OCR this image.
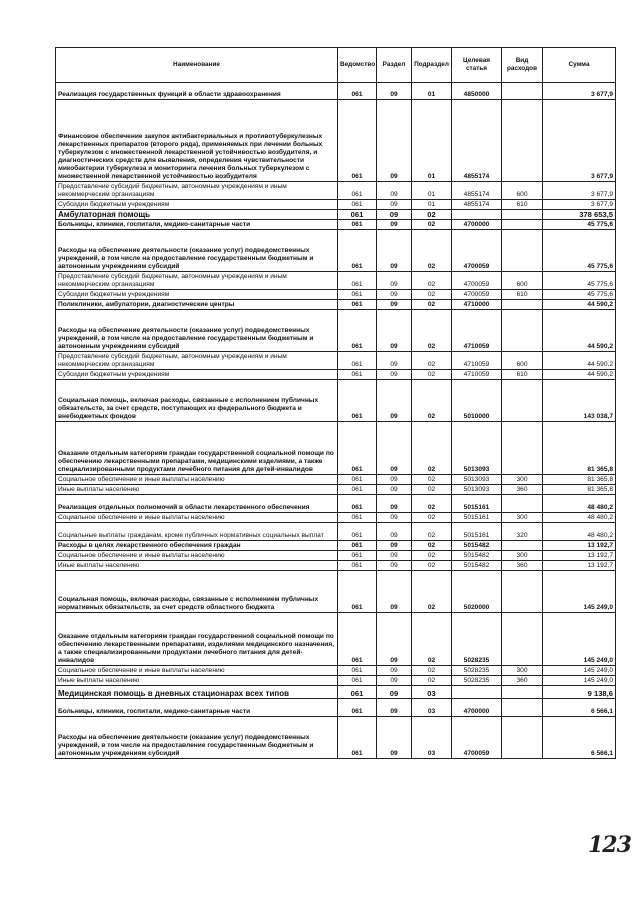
Наименование	Ведомство	Раздел	Подраздел	Целевая статья	Вид расходов	Сумма
Реализация государственных функций в области здравоохранения	061	09	01	4850000		3 677,9
Финансовое обеспечение закупок антибактериальных и противотуберкулезных лекарственных препаратов (второго ряда), применяемых при лечении больных туберкулезом с множественной лекарственной устойчивостью возбудителя, и диагностических средств для выявления, определения чувствительности микобактерии туберкулеза и мониторинга лечения больных туберкулезом с множественной лекарственной устойчивостью возбудителя	061	09	01	4855174		3 677,9
Предоставление субсидий бюджетным, автономным учреждениям и иным некоммерческим организациям	061	09	01	4855174	600	3 677,9
Субсидии бюджетным учреждениям	061	09	01	4855174	610	3 677,9
Амбулаторная помощь	061	09	02			378 653,5
Больницы, клиники, госпитали, медико-санитарные части	061	09	02	4700000		45 775,6
Расходы на обеспечение деятельности (оказание услуг) подведомственных учреждений, в том числе на предоставление государственным бюджетным и автономным учреждениям субсидий	061	09	02	4700059		45 775,6
Предоставление субсидий бюджетным, автономным учреждениям и иным некоммерческим организациям	061	09	02	4700059	600	45 775,6
Субсидии бюджетным учреждениям	061	09	02	4700059	610	45 775,6
Поликлиники, амбулатории, диагностические центры	061	09	02	4710000		44 590,2
Расходы на обеспечение деятельности (оказание услуг) подведомственных учреждений, в том числе на предоставление государственным бюджетным и автономным учреждениям субсидий	061	09	02	4710059		44 590,2
Предоставление субсидий бюджетным, автономным учреждениям и иным некоммерческим организациям	061	09	02	4710059	600	44 590,2
Субсидии бюджетным учреждениям	061	09	02	4710059	610	44 590,2
Социальная помощь, включая расходы, связанные с исполнением публичных обязательств, за счет средств, поступающих из федерального бюджета и внебюджетных фондов	061	09	02	5010000		143 038,7
Оказание отдельным категориям граждан государственной социальной помощи по обеспечению лекарственными препаратами, медицинскими изделиями, а также специализированными продуктами лечебного питания для детей-инвалидов	061	09	02	5013093		81 365,8
Социальное обеспечение и иные выплаты населению	061	09	02	5013093	300	81 365,8
Иные выплаты населению	061	09	02	5013093	360	81 365,8
Реализация отдельных полномочий в области лекарственного обеспечения	061	09	02	5015161		48 480,2
Социальное обеспечение и иные выплаты населению	061	09	02	5015161	300	48 480,2
Социальные выплаты гражданам, кроме публичных нормативных социальных выплат	061	09	02	5015161	320	48 480,2
Расходы в целях лекарственного обеспечения граждан	061	09	02	5015482		13 192,7
Социальное обеспечение и иные выплаты населению	061	09	02	5015482	300	13 192,7
Иные выплаты населению	061	09	02	5015482	360	13 192,7
Социальная помощь, включая расходы, связанные с исполнением публичных нормативных обязательств, за счет средств областного бюджета	061	09	02	5020000		145 249,0
Оказание отдельным категориям граждан государственной социальной помощи по обеспечению лекарственными препаратами, изделиями медицинского назначения, а также специализированными продуктами лечебного питания для детей-инвалидов	061	09	02	5028235		145 249,0
Социальное обеспечение и иные выплаты населению	061	09	02	5028235	300	145 249,0
Иные выплаты населению	061	09	02	5028235	360	145 249,0
Медицинская помощь в дневных стационарах всех типов	061	09	03			9 138,6
Больницы, клиники, госпитали, медико-санитарные части	061	09	03	4700000		6 566,1
Расходы на обеспечение деятельности (оказание услуг) подведомственных учреждений, в том числе на предоставление государственным бюджетным и автономным учреждениям субсидий	061	09	03	4700059		6 566,1
123
